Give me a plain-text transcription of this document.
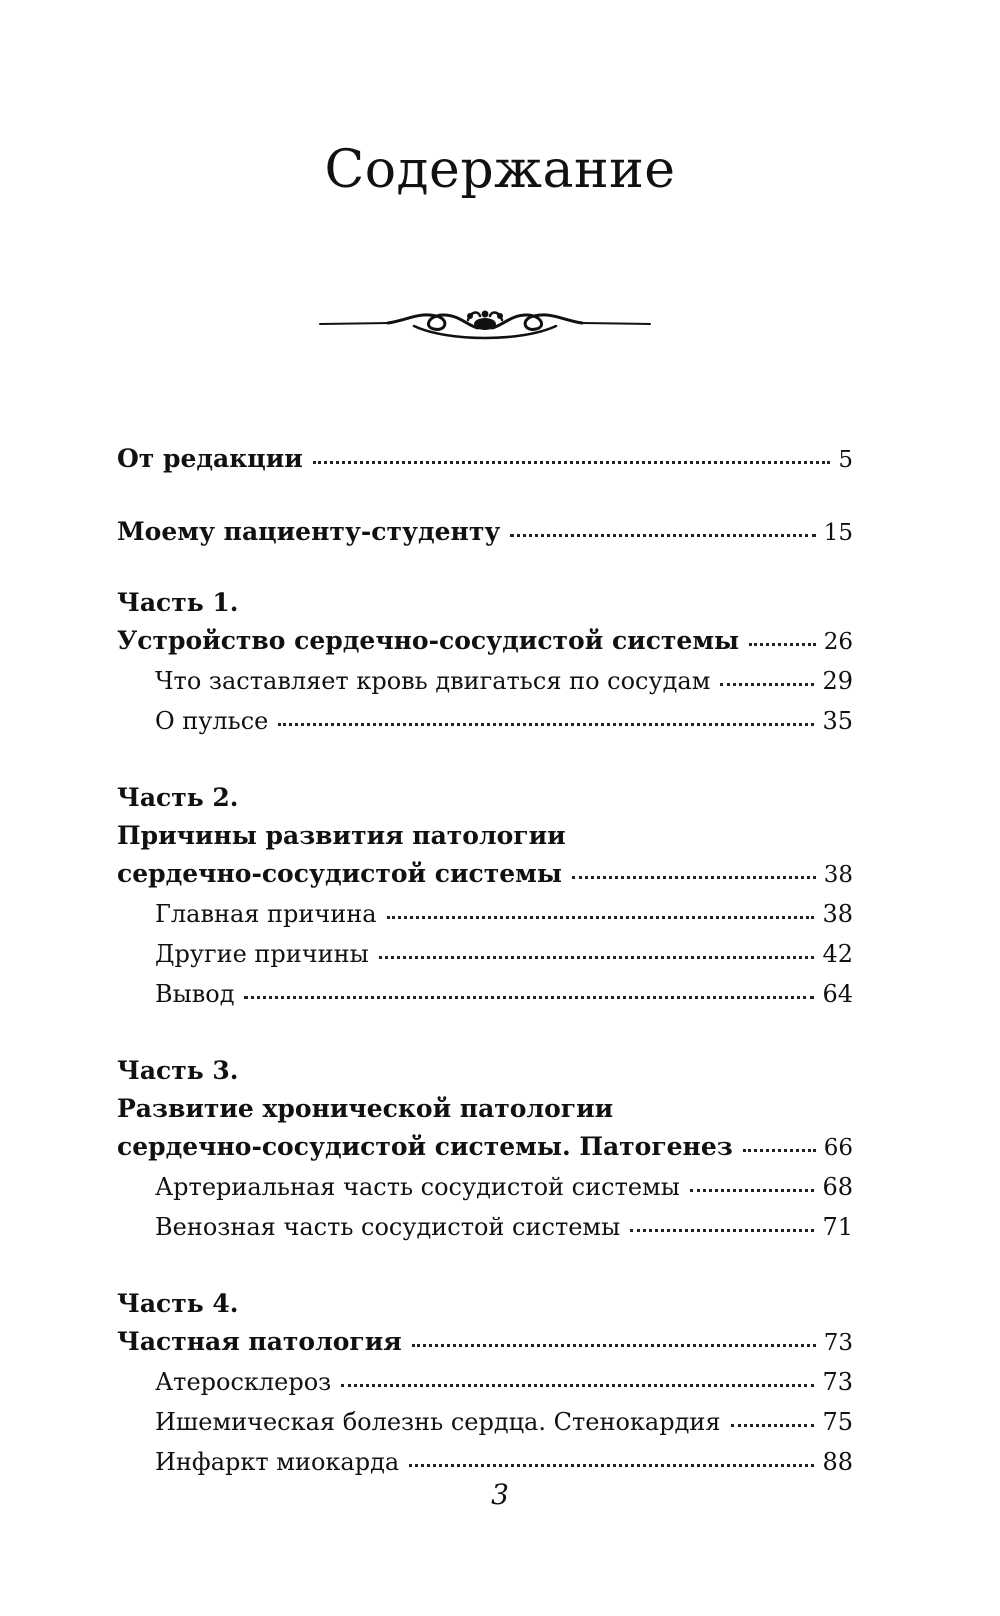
Содержание
От редакции	5
Моему пациенту-студенту	15
Часть 1.
Устройство сердечно-сосудистой системы	26
Что заставляет кровь двигаться по сосудам	29
О пульсе	35
Часть 2.
Причины развития патологии
сердечно-сосудистой системы	38
Главная причина	38
Другие причины	42
Вывод	64
Часть 3.
Развитие хронической патологии
сердечно-сосудистой системы. Патогенез	66
Артериальная часть сосудистой системы	68
Венозная часть сосудистой системы	71
Часть 4.
Частная патология	73
Атеросклероз	73
Ишемическая болезнь сердца. Стенокардия	75
Инфаркт миокарда	88
3
